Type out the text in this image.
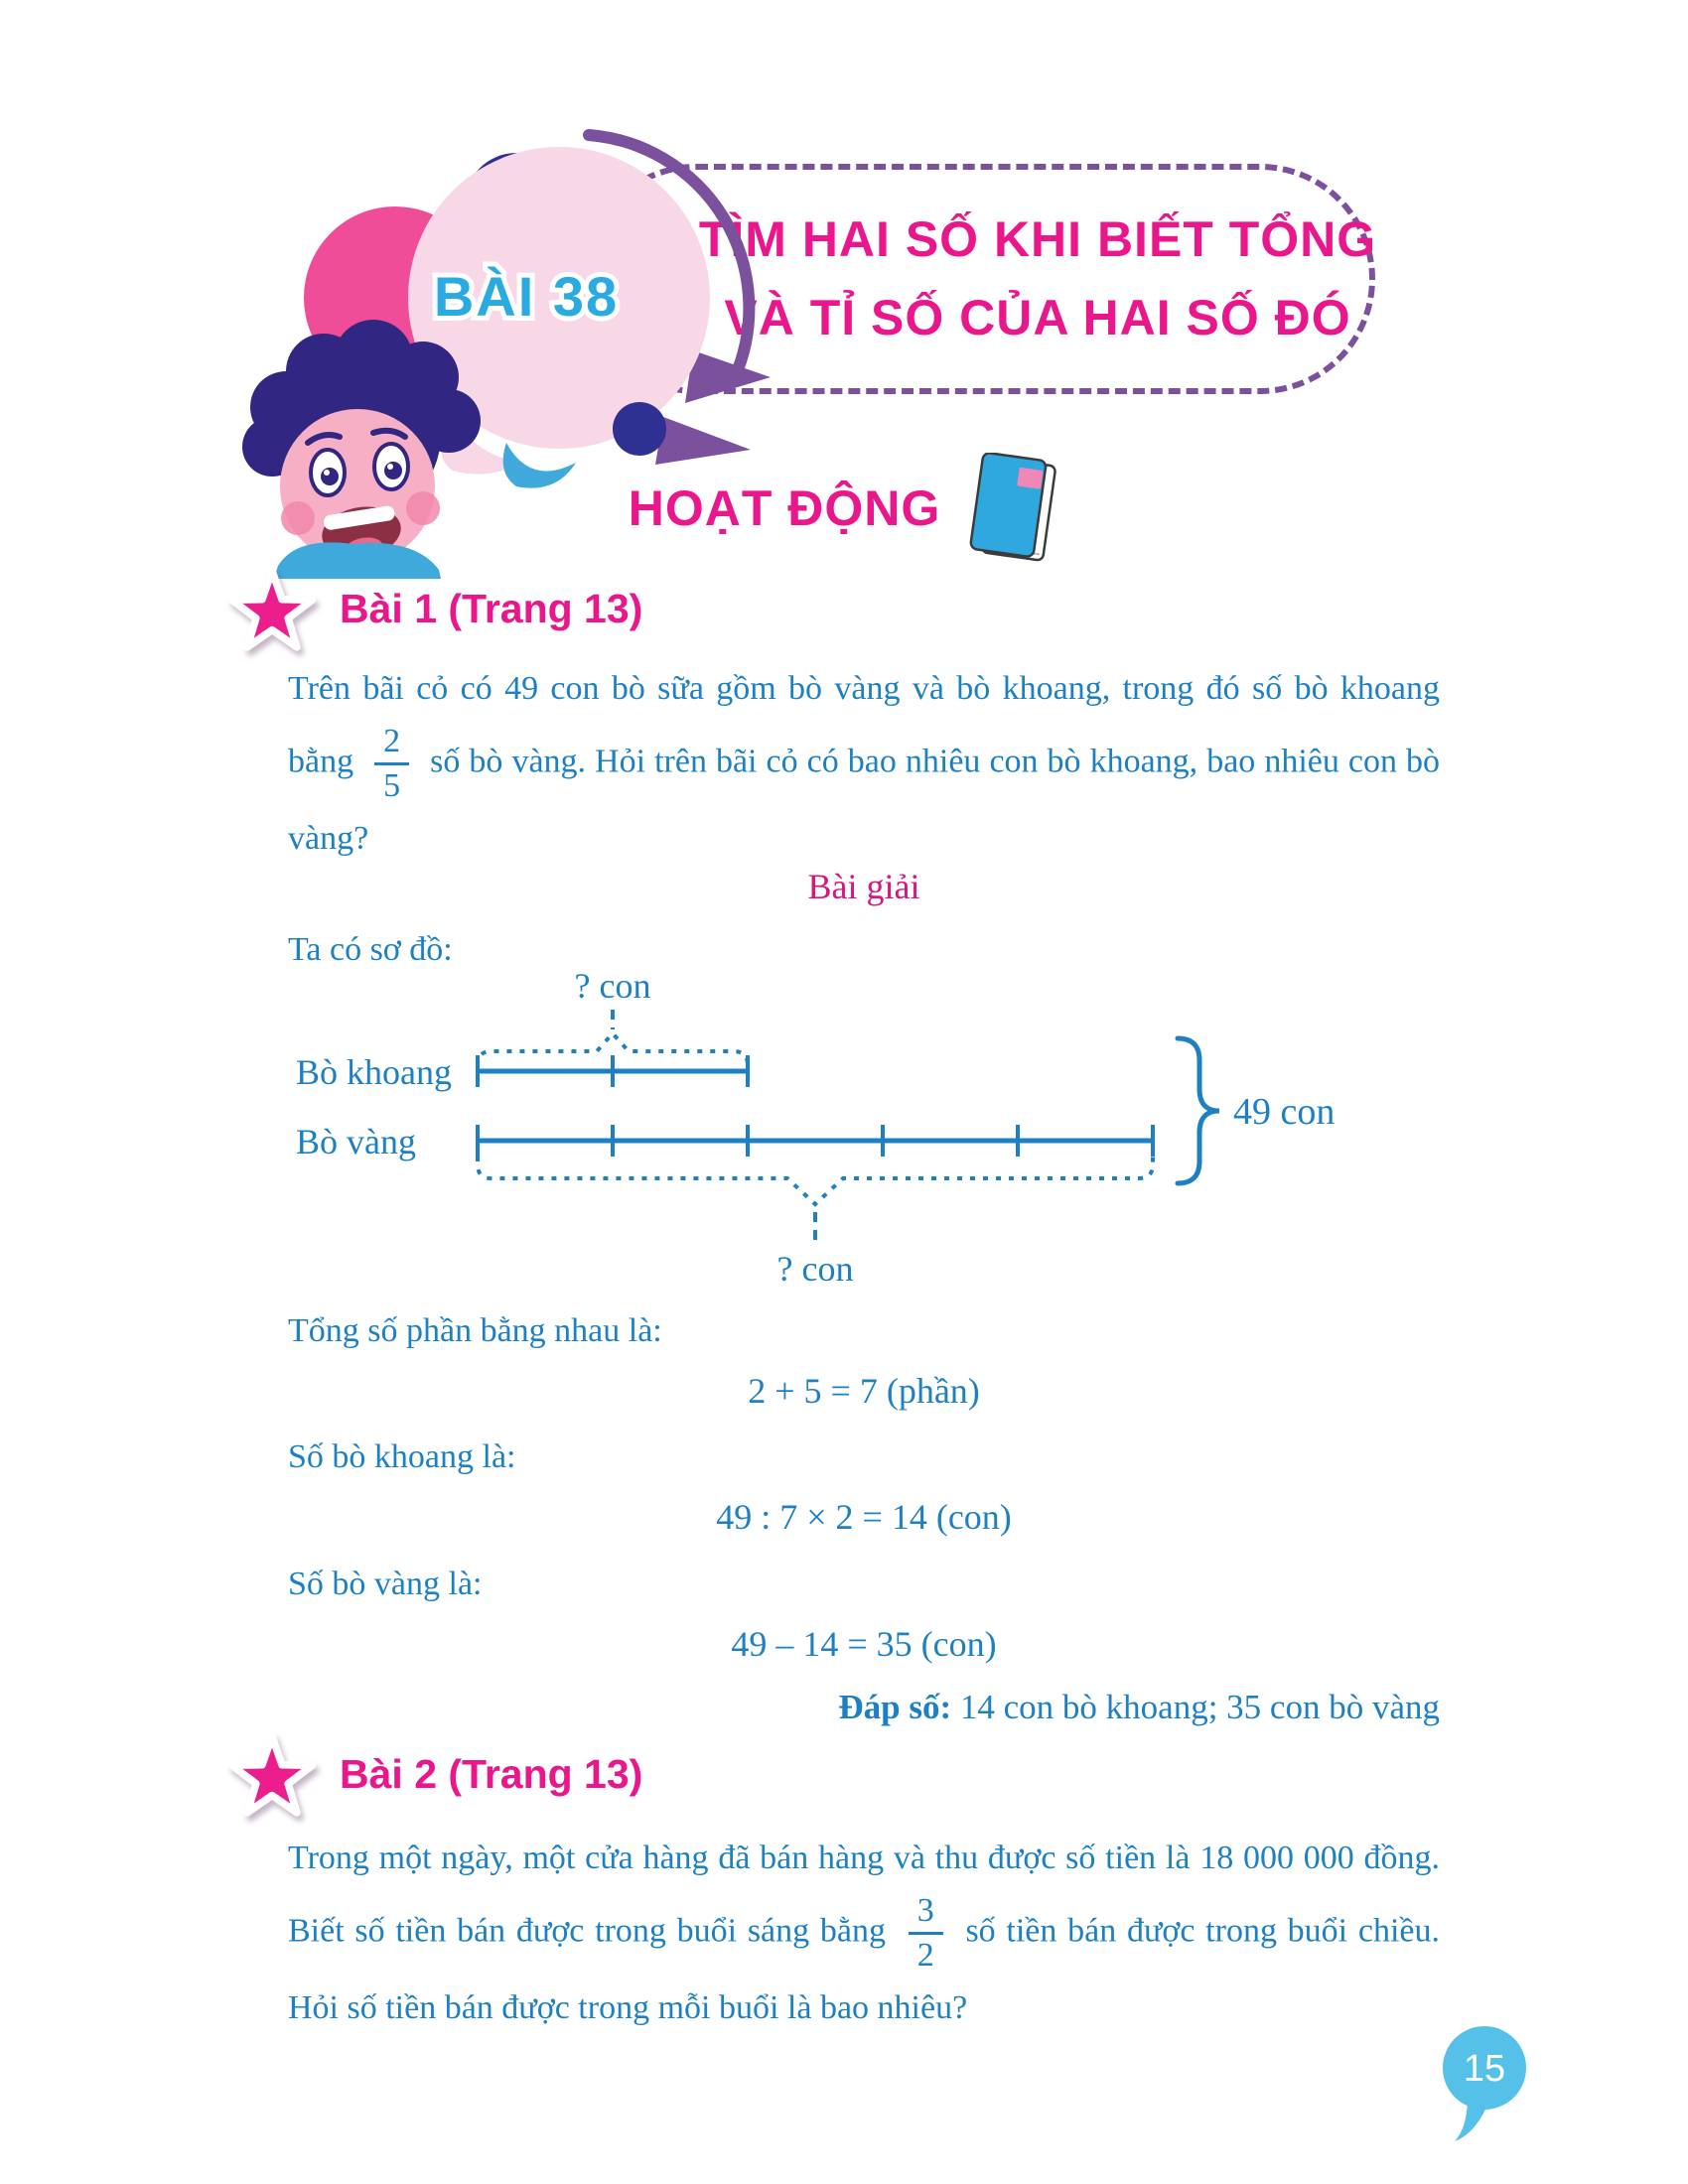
TÌM HAI SỐ KHI BIẾT TỔNG
VÀ TỈ SỐ CỦA HAI SỐ ĐÓ
BÀI 38
HOẠT ĐỘNG
Bài 1 (Trang 13)
Trên bãi cỏ có 49 con bò sữa gồm bò vàng và bò khoang, trong đó số bò khoang bằng $\frac{2}{5}$ số bò vàng. Hỏi trên bãi cỏ có bao nhiêu con bò khoang, bao nhiêu con bò vàng?
Bài giải
Ta có sơ đồ:
? con
Bò khoang
Bò vàng
? con
49 con
Tổng số phần bằng nhau là:
2 + 5 = 7 (phần)
Số bò khoang là:
49 : 7 × 2 = 14 (con)
Số bò vàng là:
49 – 14 = 35 (con)
Đáp số: 14 con bò khoang; 35 con bò vàng
Bài 2 (Trang 13)
Trong một ngày, một cửa hàng đã bán hàng và thu được số tiền là 18 000 000 đồng. Biết số tiền bán được trong buổi sáng bằng $\frac{3}{2}$ số tiền bán được trong buổi chiều. Hỏi số tiền bán được trong mỗi buổi là bao nhiêu?
15
